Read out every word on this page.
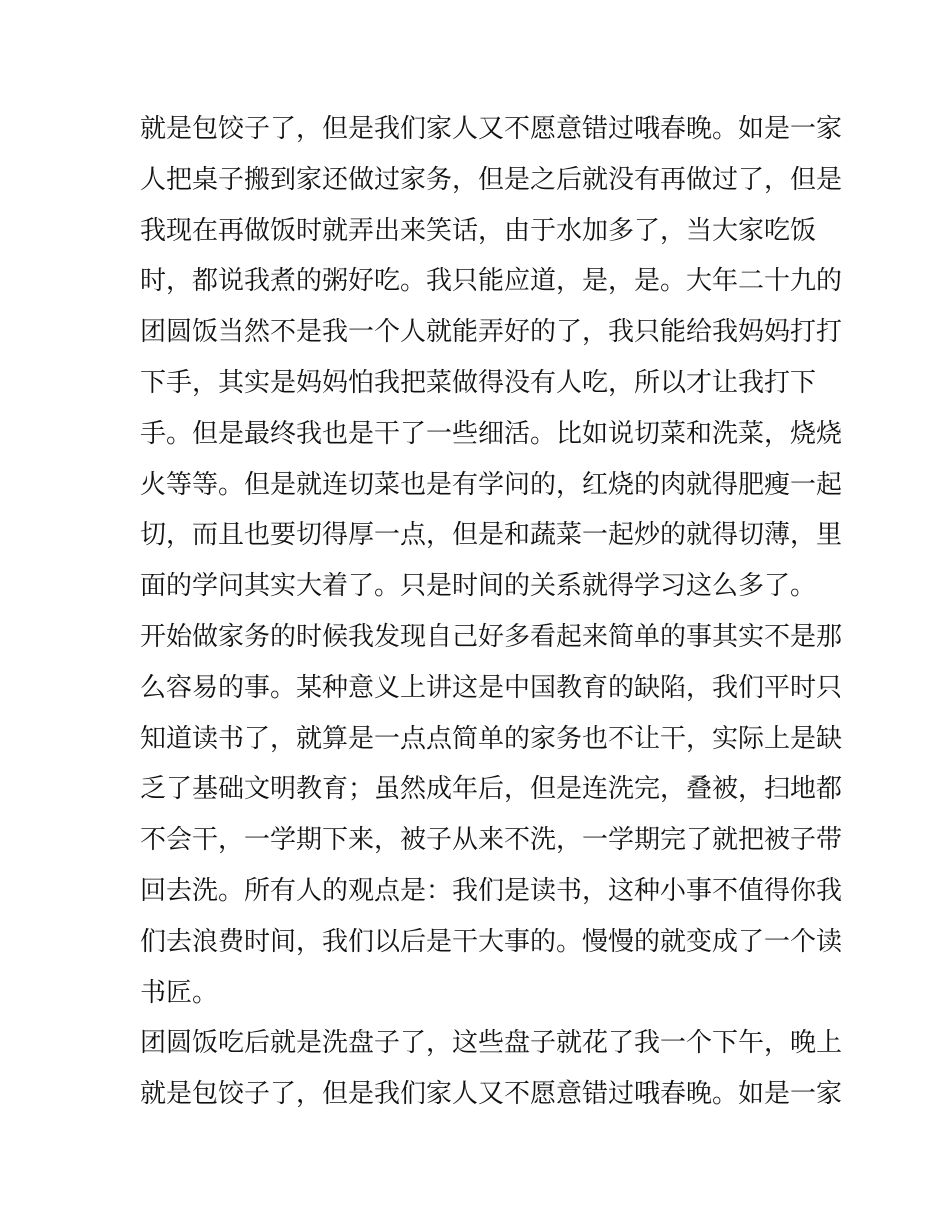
就是包饺子了，但是我们家人又不愿意错过哦春晚。如是一家
人把桌子搬到家还做过家务，但是之后就没有再做过了，但是
我现在再做饭时就弄出来笑话，由于水加多了，当大家吃饭
时，都说我煮的粥好吃。我只能应道，是，是。大年二十九的
团圆饭当然不是我一个人就能弄好的了，我只能给我妈妈打打
下手，其实是妈妈怕我把菜做得没有人吃，所以才让我打下
手。但是最终我也是干了一些细活。比如说切菜和洗菜，烧烧
火等等。但是就连切菜也是有学问的，红烧的肉就得肥瘦一起
切，而且也要切得厚一点，但是和蔬菜一起炒的就得切薄，里
面的学问其实大着了。只是时间的关系就得学习这么多了。
开始做家务的时候我发现自己好多看起来简单的事其实不是那
么容易的事。某种意义上讲这是中国教育的缺陷，我们平时只
知道读书了，就算是一点点简单的家务也不让干，实际上是缺
乏了基础文明教育；虽然成年后，但是连洗完，叠被，扫地都
不会干，一学期下来，被子从来不洗，一学期完了就把被子带
回去洗。所有人的观点是：我们是读书，这种小事不值得你我
们去浪费时间，我们以后是干大事的。慢慢的就变成了一个读
书匠。
团圆饭吃后就是洗盘子了，这些盘子就花了我一个下午，晚上
就是包饺子了，但是我们家人又不愿意错过哦春晚。如是一家
